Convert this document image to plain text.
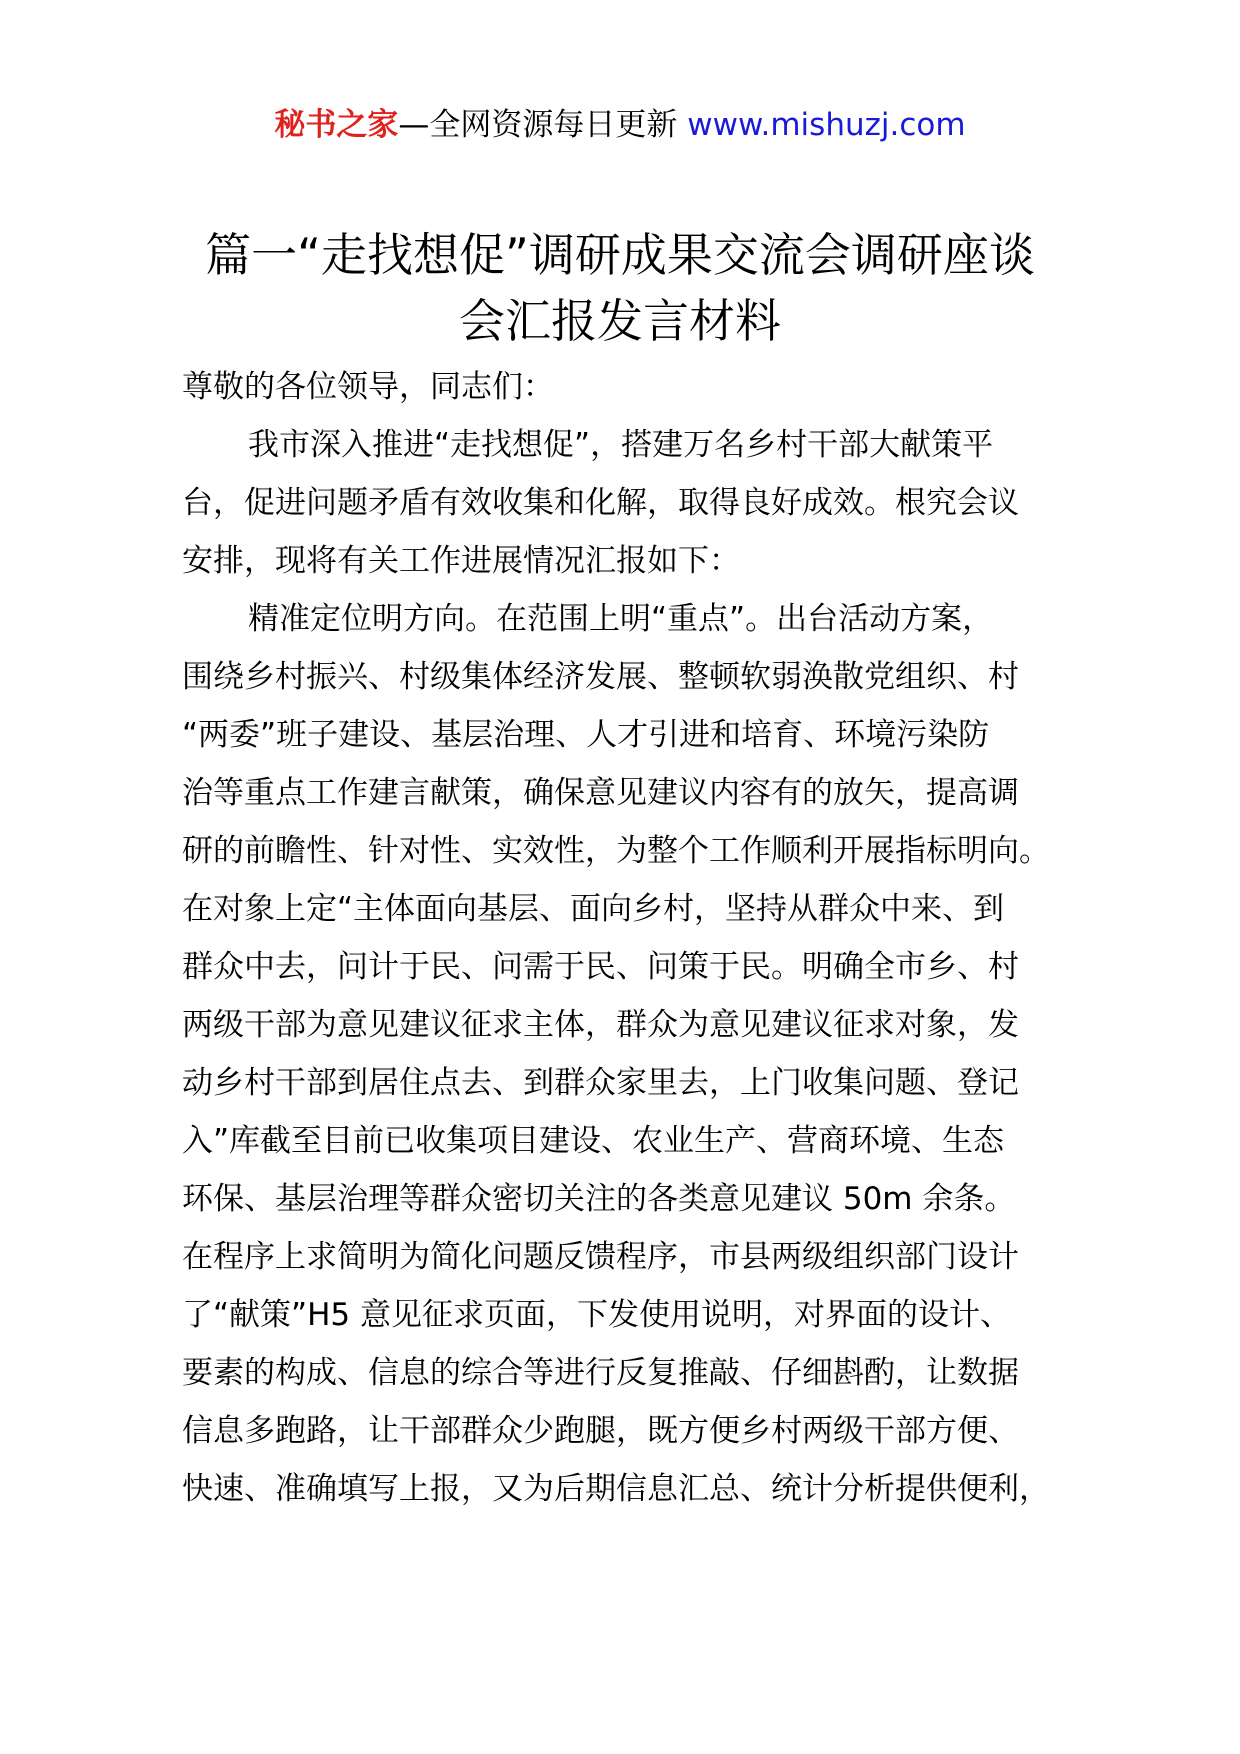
秘书之家—全网资源每日更新 www.mishuzj.com
篇一“走找想促”调研成果交流会调研座谈
会汇报发言材料
尊敬的各位领导，同志们：
我市深入推进“走找想促”，搭建万名乡村干部大献策平
台，促进问题矛盾有效收集和化解，取得良好成效。根究会议
安排，现将有关工作进展情况汇报如下：
精准定位明方向。在范围上明“重点”。出台活动方案，
围绕乡村振兴、村级集体经济发展、整顿软弱涣散党组织、村
“两委”班子建设、基层治理、人才引进和培育、环境污染防
治等重点工作建言献策，确保意见建议内容有的放矢，提高调
研的前瞻性、针对性、实效性，为整个工作顺利开展指标明向。
在对象上定“主体面向基层、面向乡村，坚持从群众中来、到
群众中去，问计于民、问需于民、问策于民。明确全市乡、村
两级干部为意见建议征求主体，群众为意见建议征求对象，发
动乡村干部到居住点去、到群众家里去，上门收集问题、登记
入”库截至目前已收集项目建设、农业生产、营商环境、生态
环保、基层治理等群众密切关注的各类意见建议 50m 余条。
在程序上求简明为简化问题反馈程序，市县两级组织部门设计
了“献策”H5 意见征求页面，下发使用说明，对界面的设计、
要素的构成、信息的综合等进行反复推敲、仔细斟酌，让数据
信息多跑路，让干部群众少跑腿，既方便乡村两级干部方便、
快速、准确填写上报，又为后期信息汇总、统计分析提供便利，
